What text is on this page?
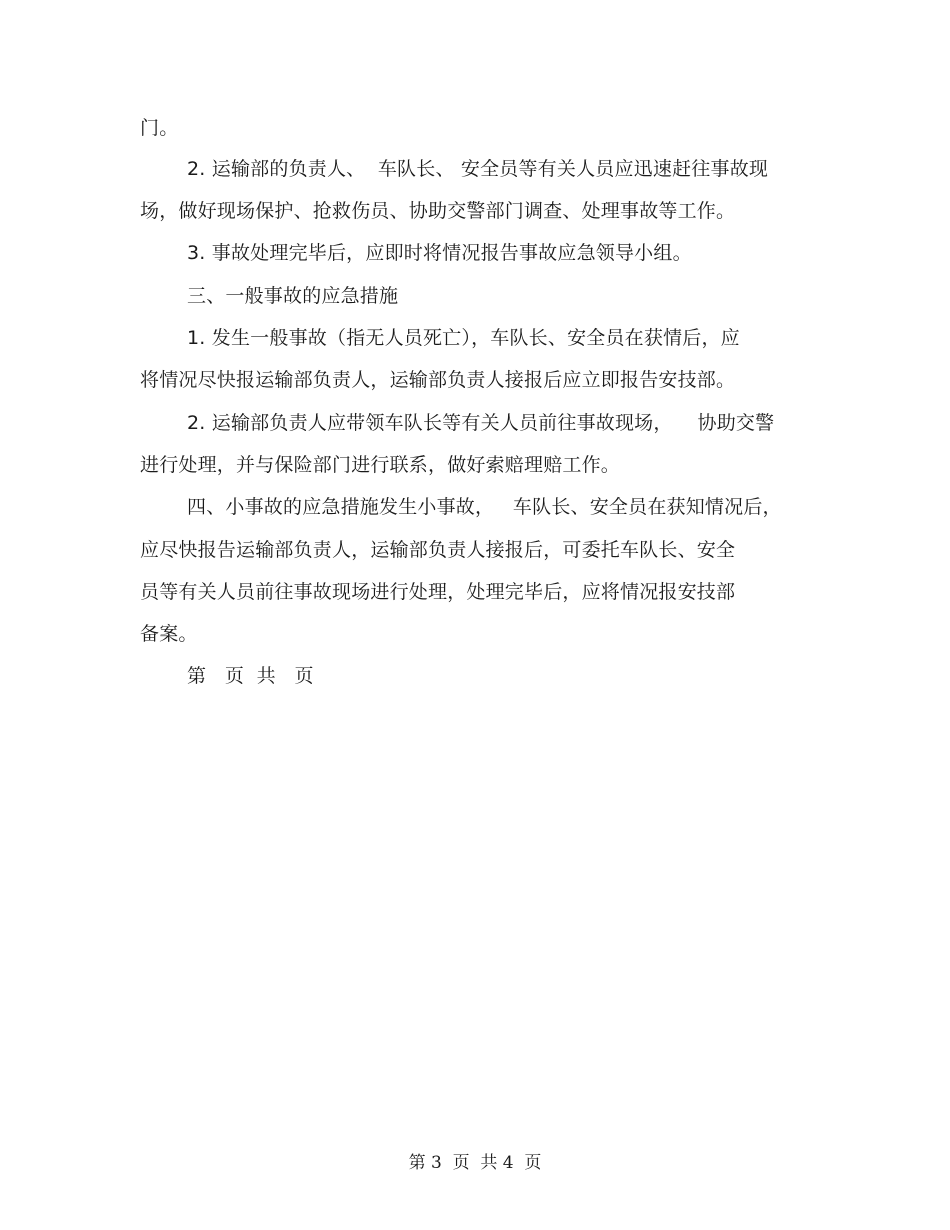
门。
2. 运输部的负责人、  车队长、 安全员等有关人员应迅速赶往事故现
场，做好现场保护、抢救伤员、协助交警部门调查、处理事故等工作。
3. 事故处理完毕后，应即时将情况报告事故应急领导小组。
三、一般事故的应急措施
1. 发生一般事故（指无人员死亡），车队长、安全员在获情后，应
将情况尽快报运输部负责人，运输部负责人接报后应立即报告安技部。
2. 运输部负责人应带领车队长等有关人员前往事故现场，    协助交警
进行处理，并与保险部门进行联系，做好索赔理赔工作。
四、小事故的应急措施发生小事故，   车队长、安全员在获知情况后，
应尽快报告运输部负责人，运输部负责人接报后，可委托车队长、安全
员等有关人员前往事故现场进行处理，处理完毕后，应将情况报安技部
备案。
第   页  共   页
第 3  页  共 4  页
